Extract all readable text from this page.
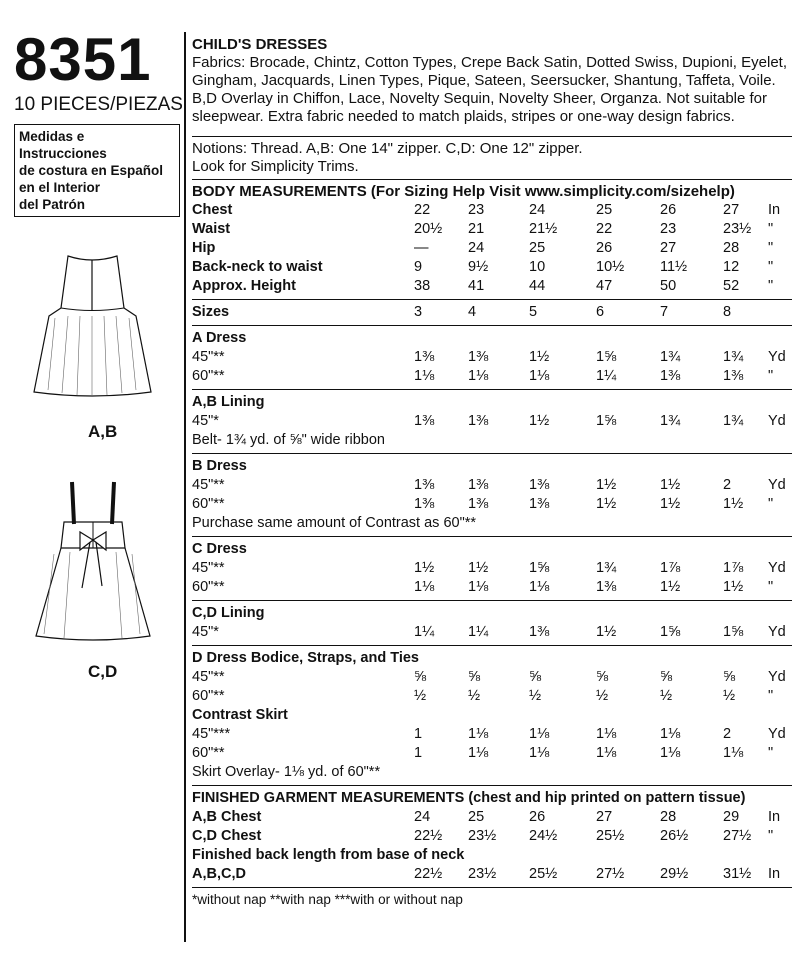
8351
10 PIECES/PIEZAS
Medidas e Instrucciones
de costura en Español
en el Interior
del Patrón
A,B
C,D
CHILD'S DRESSES
Fabrics: Brocade, Chintz, Cotton Types, Crepe Back Satin, Dotted Swiss, Dupioni, Eyelet,
Gingham, Jacquards, Linen Types, Pique, Sateen, Seersucker, Shantung, Taffeta, Voile.
B,D Overlay in Chiffon, Lace, Novelty Sequin, Novelty Sheer, Organza. Not suitable for
sleepwear. Extra fabric needed to match plaids, stripes or one-way design fabrics.
Notions: Thread. A,B: One 14" zipper. C,D: One 12" zipper.
Look for Simplicity Trims.
BODY MEASUREMENTS (For Sizing Help Visit www.simplicity.com/sizehelp)
Chest	22	23	24	25	26	27	In
Waist	20½	21	21½	22	23	23½	"
Hip	—	24	25	26	27	28	"
Back-neck to waist	9	9½	10	10½	11½	12	"
Approx. Height	38	41	44	47	50	52	"
Sizes	3	4	5	6	7	8
A Dress
45"**	1⅜	1⅜	1½	1⅝	1¾	1¾	Yd
60"**	1⅛	1⅛	1⅛	1¼	1⅜	1⅜	"
A,B Lining
45"*	1⅜	1⅜	1½	1⅝	1¾	1¾	Yd
Belt- 1¾ yd. of ⅝" wide ribbon
B Dress
45"**	1⅜	1⅜	1⅜	1½	1½	2	Yd
60"**	1⅜	1⅜	1⅜	1½	1½	1½	"
Purchase same amount of Contrast as 60"**
C Dress
45"**	1½	1½	1⅝	1¾	1⅞	1⅞	Yd
60"**	1⅛	1⅛	1⅛	1⅜	1½	1½	"
C,D Lining
45"*	1¼	1¼	1⅜	1½	1⅝	1⅝	Yd
D Dress Bodice, Straps, and Ties
45"**	⅝	⅝	⅝	⅝	⅝	⅝	Yd
60"**	½	½	½	½	½	½	"
Contrast Skirt
45"***	1	1⅛	1⅛	1⅛	1⅛	2	Yd
60"**	1	1⅛	1⅛	1⅛	1⅛	1⅛	"
Skirt Overlay- 1⅛ yd. of 60"**
FINISHED GARMENT MEASUREMENTS (chest and hip printed on pattern tissue)
A,B Chest	24	25	26	27	28	29	In
C,D Chest	22½	23½	24½	25½	26½	27½	"
Finished back length from base of neck
A,B,C,D	22½	23½	25½	27½	29½	31½	In
*without nap **with nap ***with or without nap
